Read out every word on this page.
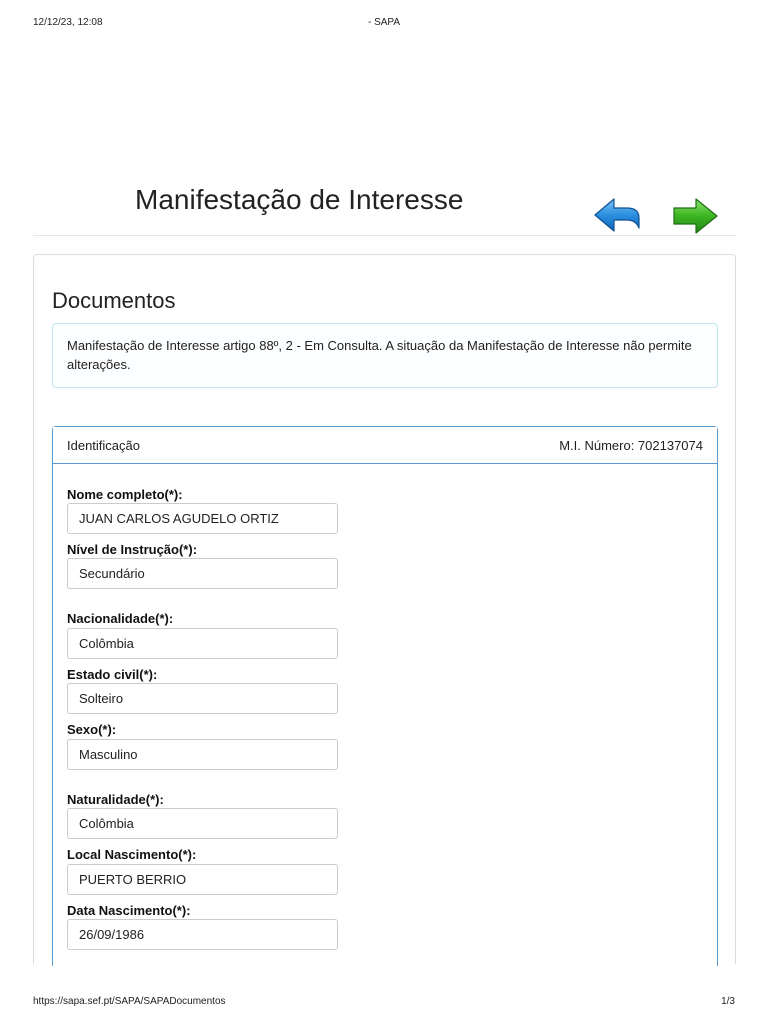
12/12/23, 12:08	- SAPA
Manifestação de Interesse
Documentos
Manifestação de Interesse artigo 88º, 2 - Em Consulta. A situação da Manifestação de Interesse não permite alterações.
Identificação	M.I. Número: 702137074
Nome completo(*):
JUAN CARLOS AGUDELO ORTIZ
Nível de Instrução(*):
Secundário
Nacionalidade(*):
Colômbia
Estado civil(*):
Solteiro
Sexo(*):
Masculino
Naturalidade(*):
Colômbia
Local Nascimento(*):
PUERTO BERRIO
Data Nascimento(*):
26/09/1986
https://sapa.sef.pt/SAPA/SAPADocumentos	1/3
